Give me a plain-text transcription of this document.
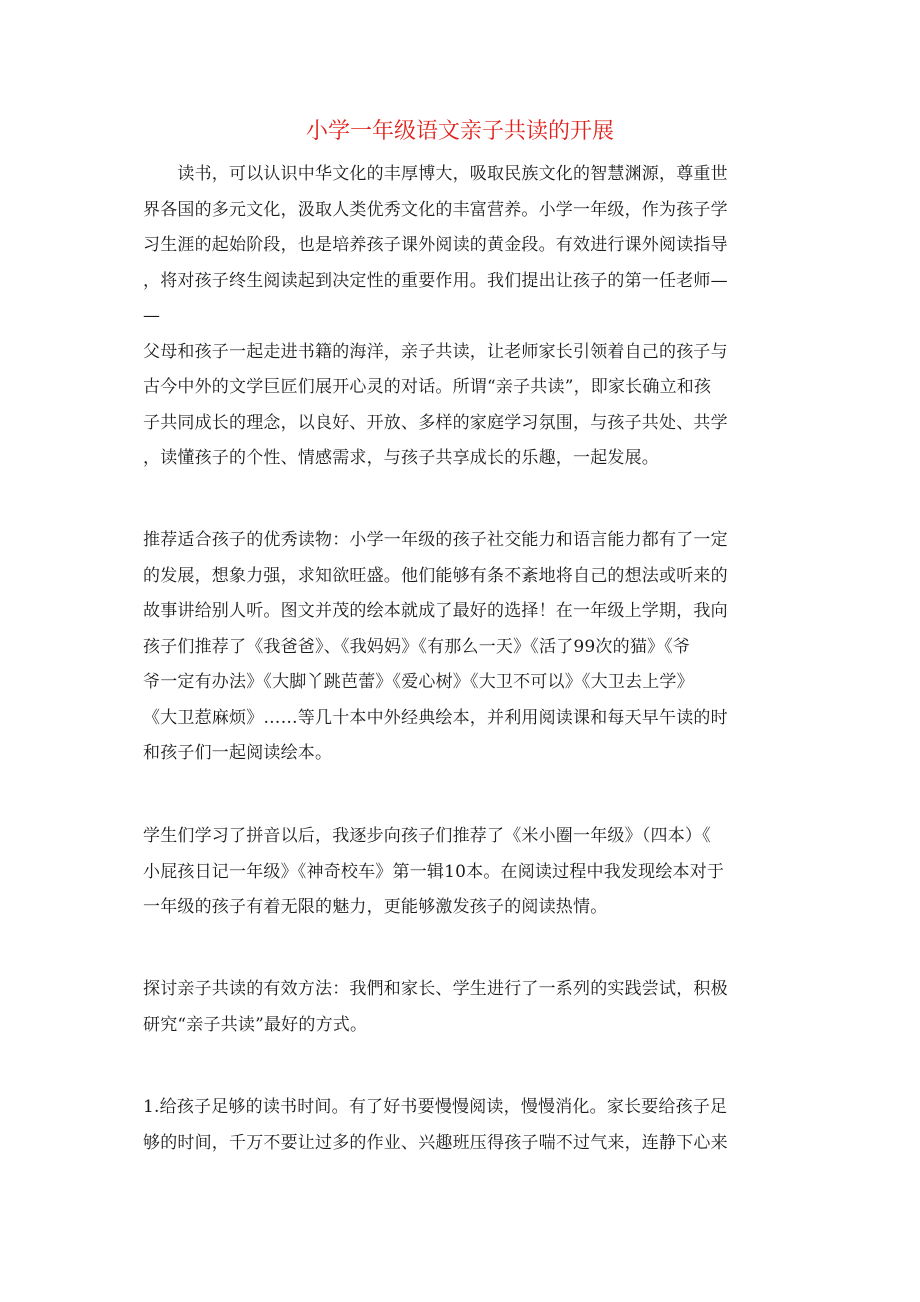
小学一年级语文亲子共读的开展

　　读书，可以认识中华文化的丰厚博大，吸取民族文化的智慧渊源，尊重世
界各国的多元文化，汲取人类优秀文化的丰富营养。小学一年级，作为孩子学
习生涯的起始阶段，也是培养孩子课外阅读的黄金段。有效进行课外阅读指导
，将对孩子终生阅读起到决定性的重要作用。我们提出让孩子的第一任老师—
—
父母和孩子一起走进书籍的海洋，亲子共读，让老师家长引领着自己的孩子与
古今中外的文学巨匠们展开心灵的对话。所谓“亲子共读”，即家长确立和孩
子共同成长的理念，以良好、开放、多样的家庭学习氛围，与孩子共处、共学
，读懂孩子的个性、情感需求，与孩子共享成长的乐趣，一起发展。

推荐适合孩子的优秀读物：小学一年级的孩子社交能力和语言能力都有了一定
的发展，想象力强，求知欲旺盛。他们能够有条不紊地将自己的想法或听来的
故事讲给别人听。图文并茂的绘本就成了最好的选择！在一年级上学期，我向
孩子们推荐了《我爸爸》、《我妈妈》《有那么一天》《活了99次的猫》《爷
爷一定有办法》《大脚丫跳芭蕾》《爱心树》《大卫不可以》《大卫去上学》
《大卫惹麻烦》……等几十本中外经典绘本，并利用阅读课和每天早午读的时
和孩子们一起阅读绘本。

学生们学习了拼音以后，我逐步向孩子们推荐了《米小圈一年级》（四本）《
小屁孩日记一年级》《神奇校车》第一辑10本。在阅读过程中我发现绘本对于
一年级的孩子有着无限的魅力，更能够激发孩子的阅读热情。

探讨亲子共读的有效方法：我們和家长、学生进行了一系列的实践尝试，积极
研究“亲子共读”最好的方式。

1.给孩子足够的读书时间。有了好书要慢慢阅读，慢慢消化。家长要给孩子足
够的时间，千万不要让过多的作业、兴趣班压得孩子喘不过气来，连静下心来
